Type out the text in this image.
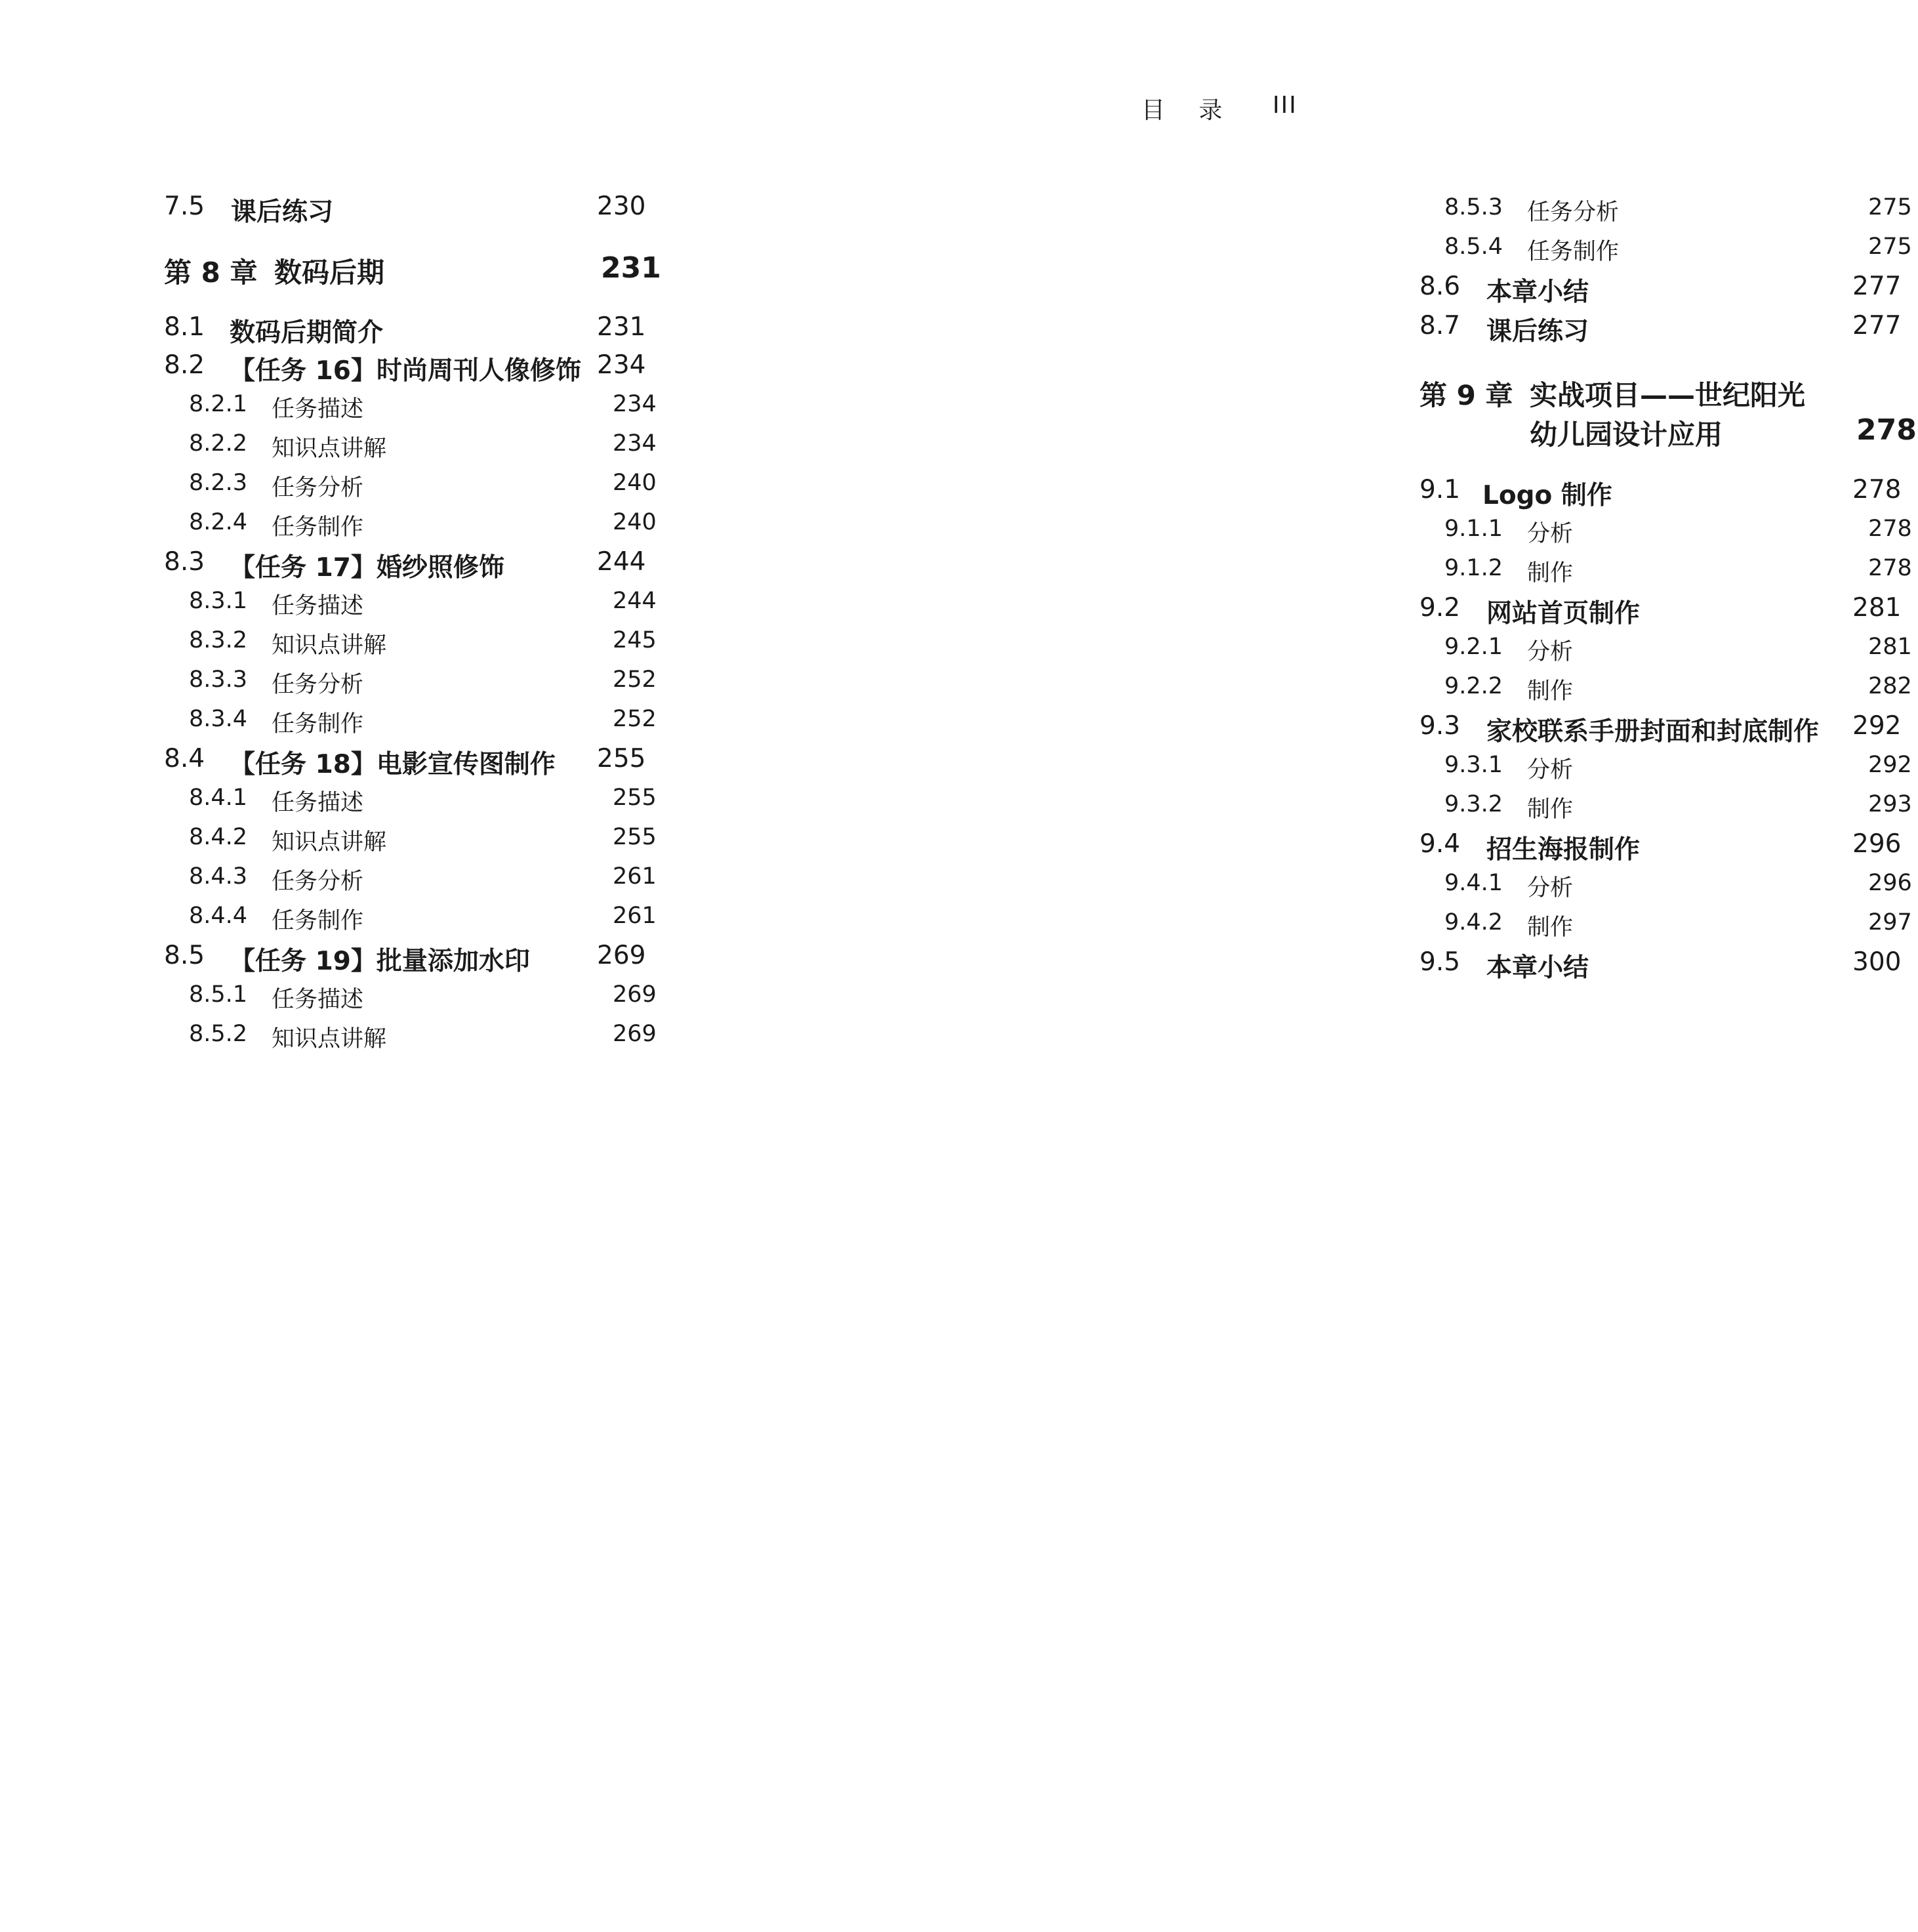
目 录 III
7.5 课后练习	230
第 8 章 数码后期	231
8.1 数码后期简介	231
8.2 【任务 16】时尚周刊人像修饰 234
8.2.1 任务描述	234
8.2.2 知识点讲解	234
8.2.3 任务分析	240
8.2.4 任务制作	240
8.3 【任务 17】婚纱照修饰	244
8.3.1 任务描述	244
8.3.2 知识点讲解	245
8.3.3 任务分析	252
8.3.4 任务制作	252
8.4 【任务 18】电影宣传图制作 255
8.4.1 任务描述	255
8.4.2 知识点讲解	255
8.4.3 任务分析	261
8.4.4 任务制作	261
8.5 【任务 19】批量添加水印	269
8.5.1 任务描述	269
8.5.2 知识点讲解	269
8.5.3 任务分析	275
8.5.4 任务制作	275
8.6 本章小结	277
8.7 课后练习	277
第 9 章 实战项目——世纪阳光
幼儿园设计应用	278
9.1 Logo 制作	278
9.1.1 分析	278
9.1.2 制作	278
9.2 网站首页制作	281
9.2.1 分析	281
9.2.2 制作	282
9.3 家校联系手册封面和封底制作 292
9.3.1 分析	292
9.3.2 制作	293
9.4 招生海报制作	296
9.4.1 分析	296
9.4.2 制作	297
9.5 本章小结	300
